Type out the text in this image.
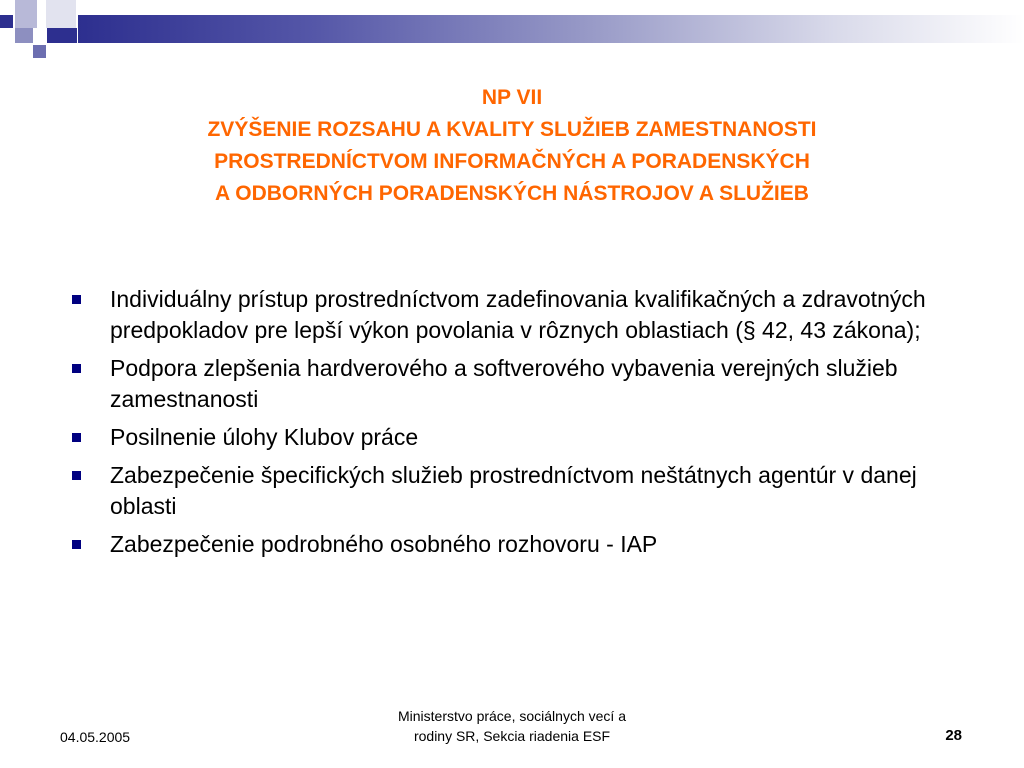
NP VII
ZVÝŠENIE ROZSAHU A KVALITY SLUŽIEB ZAMESTNANOSTI
PROSTREDNÍCTVOM INFORMAČNÝCH A PORADENSKÝCH
A ODBORNÝCH PORADENSKÝCH NÁSTROJOV A SLUŽIEB
Individuálny prístup prostredníctvom zadefinovania kvalifikačných a zdravotných predpokladov pre lepší výkon povolania v rôznych oblastiach (§ 42, 43 zákona);
Podpora zlepšenia hardverového a softverového vybavenia verejných služieb zamestnanosti
Posilnenie úlohy Klubov práce
Zabezpečenie špecifických služieb prostredníctvom neštátnych agentúr v danej oblasti
Zabezpečenie podrobného osobného rozhovoru - IAP
04.05.2005
Ministerstvo práce, sociálnych vecí a
rodiny SR, Sekcia riadenia ESF	28
